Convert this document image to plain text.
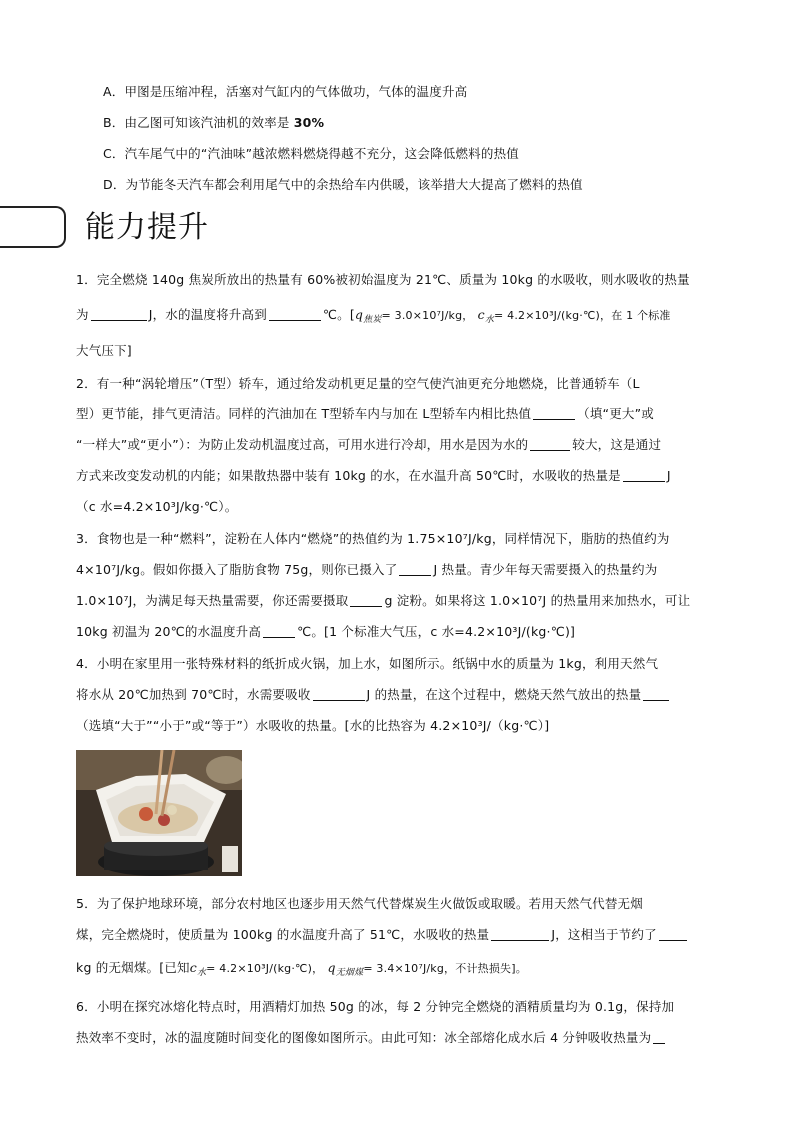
A．甲图是压缩冲程，活塞对气缸内的气体做功，气体的温度升高
B．由乙图可知该汽油机的效率是 30%
C．汽车尾气中的“汽油味”越浓燃料燃烧得越不充分，这会降低燃料的热值
D．为节能冬天汽车都会利用尾气中的余热给车内供暖，该举措大大提高了燃料的热值
能力提升
1．完全燃烧 140g 焦炭所放出的热量有 60%被初始温度为 21℃、质量为 10kg 的水吸收，则水吸收的热量
为	J，水的温度将升高到	℃。[$q_{焦炭}= 3.0\times 10^7J/kg$， $c_水=$ 4.2×10³J/(kg·℃)，在 1 个标准
大气压下]
2．有一种“涡轮增压”（T型）轿车，通过给发动机更足量的空气使汽油更充分地燃烧，比普通轿车（L
型）更节能，排气更清洁。同样的汽油加在 T型轿车内与加在 L型轿车内相比热值	（填“更大”或
“一样大”或“更小”）：为防止发动机温度过高，可用水进行冷却，用水是因为水的	较大，这是通过
方式来改变发动机的内能；如果散热器中装有 10kg 的水，在水温升高 50℃时，水吸收的热量是	J
（c 水=4.2×10³J/kg·℃）。
3．食物也是一种“燃料”，淀粉在人体内“燃烧”的热值约为 1.75×10⁷J/kg，同样情况下，脂肪的热值约为
4×10⁷J/kg。假如你摄入了脂肪食物 75g，则你已摄入了	J 热量。青少年每天需要摄入的热量约为
1.0×10⁷J，为满足每天热量需要，你还需要摄取	g 淀粉。如果将这 1.0×10⁷J 的热量用来加热水，可让
10kg 初温为 20℃的水温度升高	℃。[1 个标准大气压，c 水=4.2×10³J/(kg·℃)]
4．小明在家里用一张特殊材料的纸折成火锅，加上水，如图所示。纸锅中水的质量为 1kg，利用天然气
将水从 20℃加热到 70℃时，水需要吸收	J 的热量，在这个过程中，燃烧天然气放出的热量
（选填“大于”“小于”或“等于”）水吸收的热量。[水的比热容为 4.2×10³J/（kg·℃）]
5．为了保护地球环境，部分农村地区也逐步用天然气代替煤炭生火做饭或取暖。若用天然气代替无烟
煤，完全燃烧时，使质量为 100kg 的水温度升高了 51℃，水吸收的热量	J，这相当于节约了
kg 的无烟煤。[已知$c_水=$ 4.2×10³J/(kg·℃)， $q_{无烟煤}= 3.4\times 10^7J/kg$，不计热损失]。
6．小明在探究冰熔化特点时，用酒精灯加热 50g 的冰，每 2 分钟完全燃烧的酒精质量均为 0.1g，保持加
热效率不变时，冰的温度随时间变化的图像如图所示。由此可知：冰全部熔化成水后 4 分钟吸收热量为
